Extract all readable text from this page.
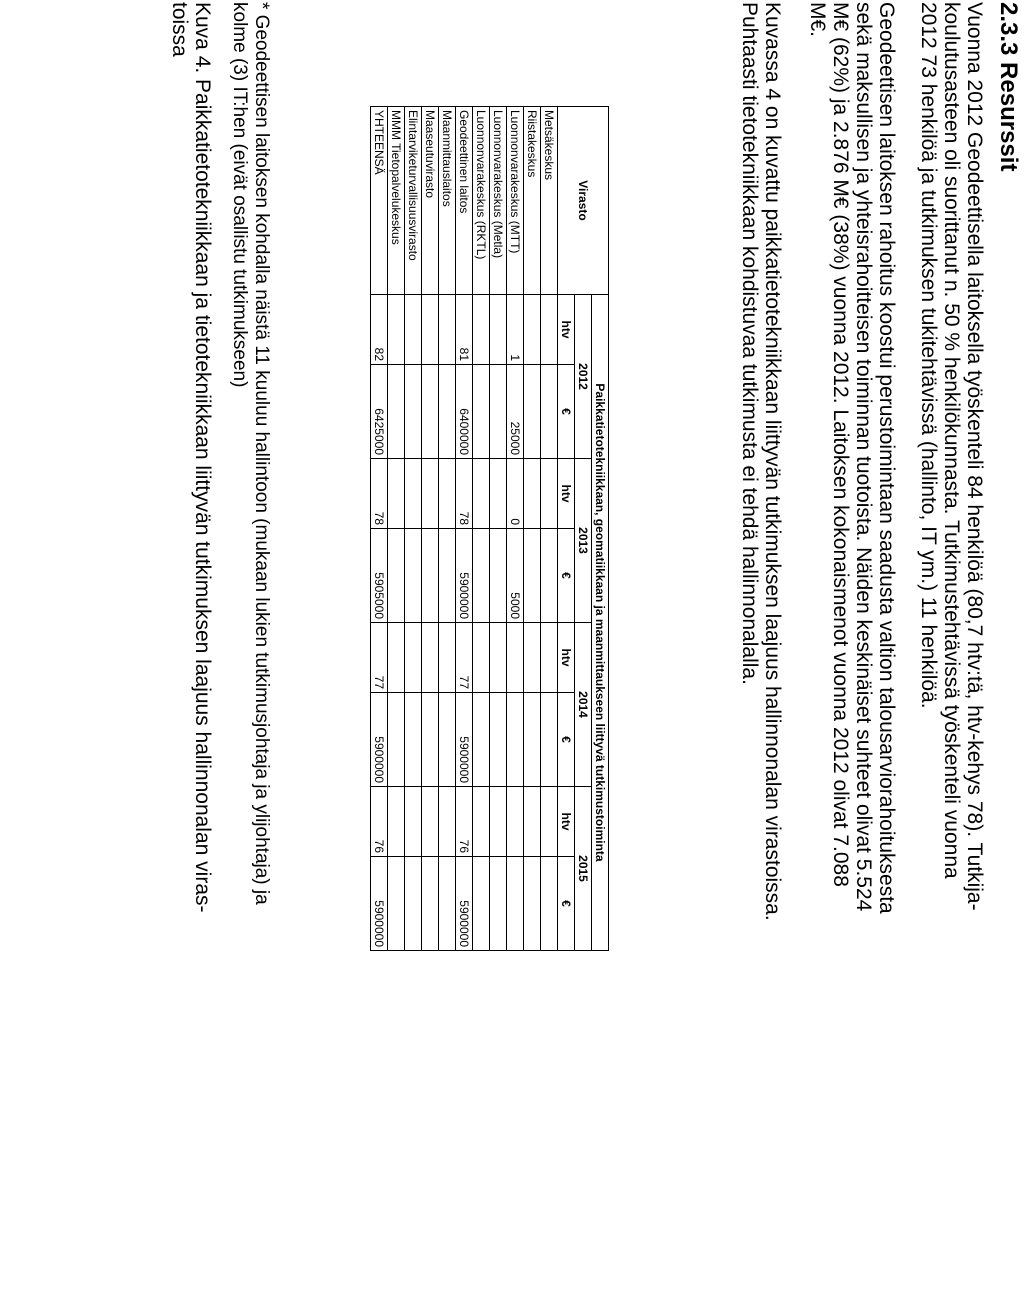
2.3.3 Resurssit
Vuonna 2012 Geodeettisella laitoksella työskenteli 84 henkilöä (80,7 htv:tä, htv-kehys 78). Tutkija-
koulutusasteen oli suorittanut n. 50 % henkilökunnasta. Tutkimustehtävissä työskenteli vuonna
2012 73 henkilöä ja tutkimuksen tukitehtävissä (hallinto, IT ym.) 11 henkilöä.
Geodeettisen laitoksen rahoitus koostui perustoimintaan saadusta valtion talousarviorahoituksesta
sekä maksullisen ja yhteisrahoitteisen toiminnan tuotoista. Näiden keskinäiset suhteet olivat 5.524
M€ (62%) ja 2.876 M€ (38%) vuonna 2012. Laitoksen kokonaismenot vuonna 2012 olivat 7.088
M€.
Kuvassa 4 on kuvattu paikkatietotekniikkaan liittyvän tutkimuksen laajuus hallinnonalan virastoissa.
Puhtaasti tietotekniikkaan kohdistuvaa tutkimusta ei tehdä hallinnonalalla.
Virasto	Paikkatietotekniikkaan, geomatiikkaan ja maanmittaukseen liittyvä tutkimustoiminta							
	2012		2013		2014		2015	
	htv	€	htv	€	htv	€	htv	€
Metsäkeskus								
Riistakeskus								
Luonnonvarakeskus (MTT)	1	25000	0	5000				
Luonnonvarakeskus (Metla)								
Luonnonvarakeskus (RKTL)								
Geodeettinen laitos	81	6400000	78	5900000	77	5900000	76	5900000
Maanmittauslaitos								
Maaseutuvirasto								
Elintarviketurvallisuusvirasto								
MMM Tietopalvelukeskus								
YHTEENSÄ	82	6425000	78	5905000	77	5900000	76	5900000
* Geodeettisen laitoksen kohdalla näistä 11 kuuluu hallintoon (mukaan lukien tutkimusjohtaja ja ylijohtaja) ja
kolme (3) IT:hen (eivät osallistu tutkimukseen)
Kuva 4. Paikkatietotekniikkaan ja tietotekniikkaan liittyvän tutkimuksen laajuus hallinnonalan viras-
toissa
